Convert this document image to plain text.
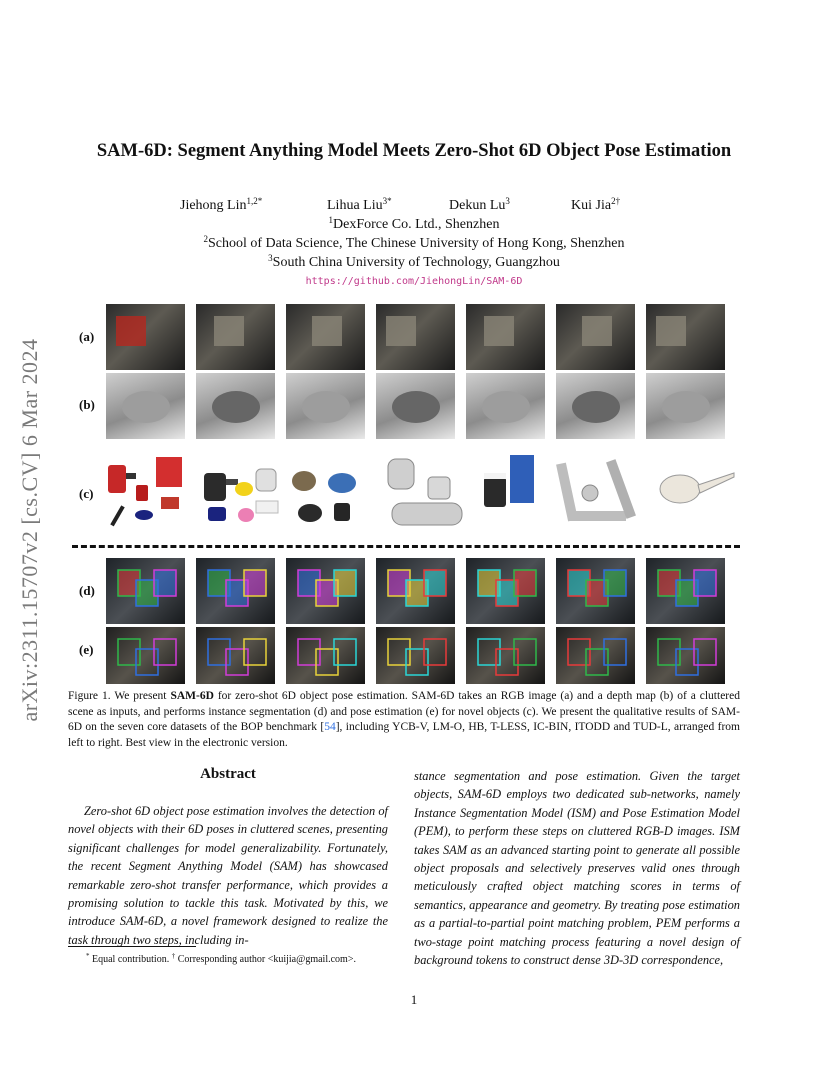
arXiv:2311.15707v2 [cs.CV] 6 Mar 2024
SAM-6D: Segment Anything Model Meets Zero-Shot 6D Object Pose Estimation
Jiehong Lin$^{1,2*}$	Lihua Liu$^{3*}$	Dekun Lu$^3$	Kui Jia$^{2\dagger}$
$^1$DexForce Co. Ltd., Shenzhen
$^2$School of Data Science, The Chinese University of Hong Kong, Shenzhen
$^3$South China University of Technology, Guangzhou
https://github.com/JiehongLin/SAM-6D
(a)
(b)
(c)
(d)
(e)
Figure 1. We present SAM-6D for zero-shot 6D object pose estimation. SAM-6D takes an RGB image (a) and a depth map (b) of a cluttered scene as inputs, and performs instance segmentation (d) and pose estimation (e) for novel objects (c). We present the qualitative results of SAM-6D on the seven core datasets of the BOP benchmark [54], including YCB-V, LM-O, HB, T-LESS, IC-BIN, ITODD and TUD-L, arranged from left to right. Best view in the electronic version.
Abstract
Zero-shot 6D object pose estimation involves the detection of novel objects with their 6D poses in cluttered scenes, presenting significant challenges for model generalizability. Fortunately, the recent Segment Anything Model (SAM) has showcased remarkable zero-shot transfer performance, which provides a promising solution to tackle this task. Motivated by this, we introduce SAM-6D, a novel framework designed to realize the task through two steps, including in-
stance segmentation and pose estimation. Given the target objects, SAM-6D employs two dedicated sub-networks, namely Instance Segmentation Model (ISM) and Pose Estimation Model (PEM), to perform these steps on cluttered RGB-D images. ISM takes SAM as an advanced starting point to generate all possible object proposals and selectively preserves valid ones through meticulously crafted object matching scores in terms of semantics, appearance and geometry. By treating pose estimation as a partial-to-partial point matching problem, PEM performs a two-stage point matching process featuring a novel design of background tokens to construct dense 3D-3D correspondence,
* Equal contribution. † Corresponding author <kuijia@gmail.com>.
1
